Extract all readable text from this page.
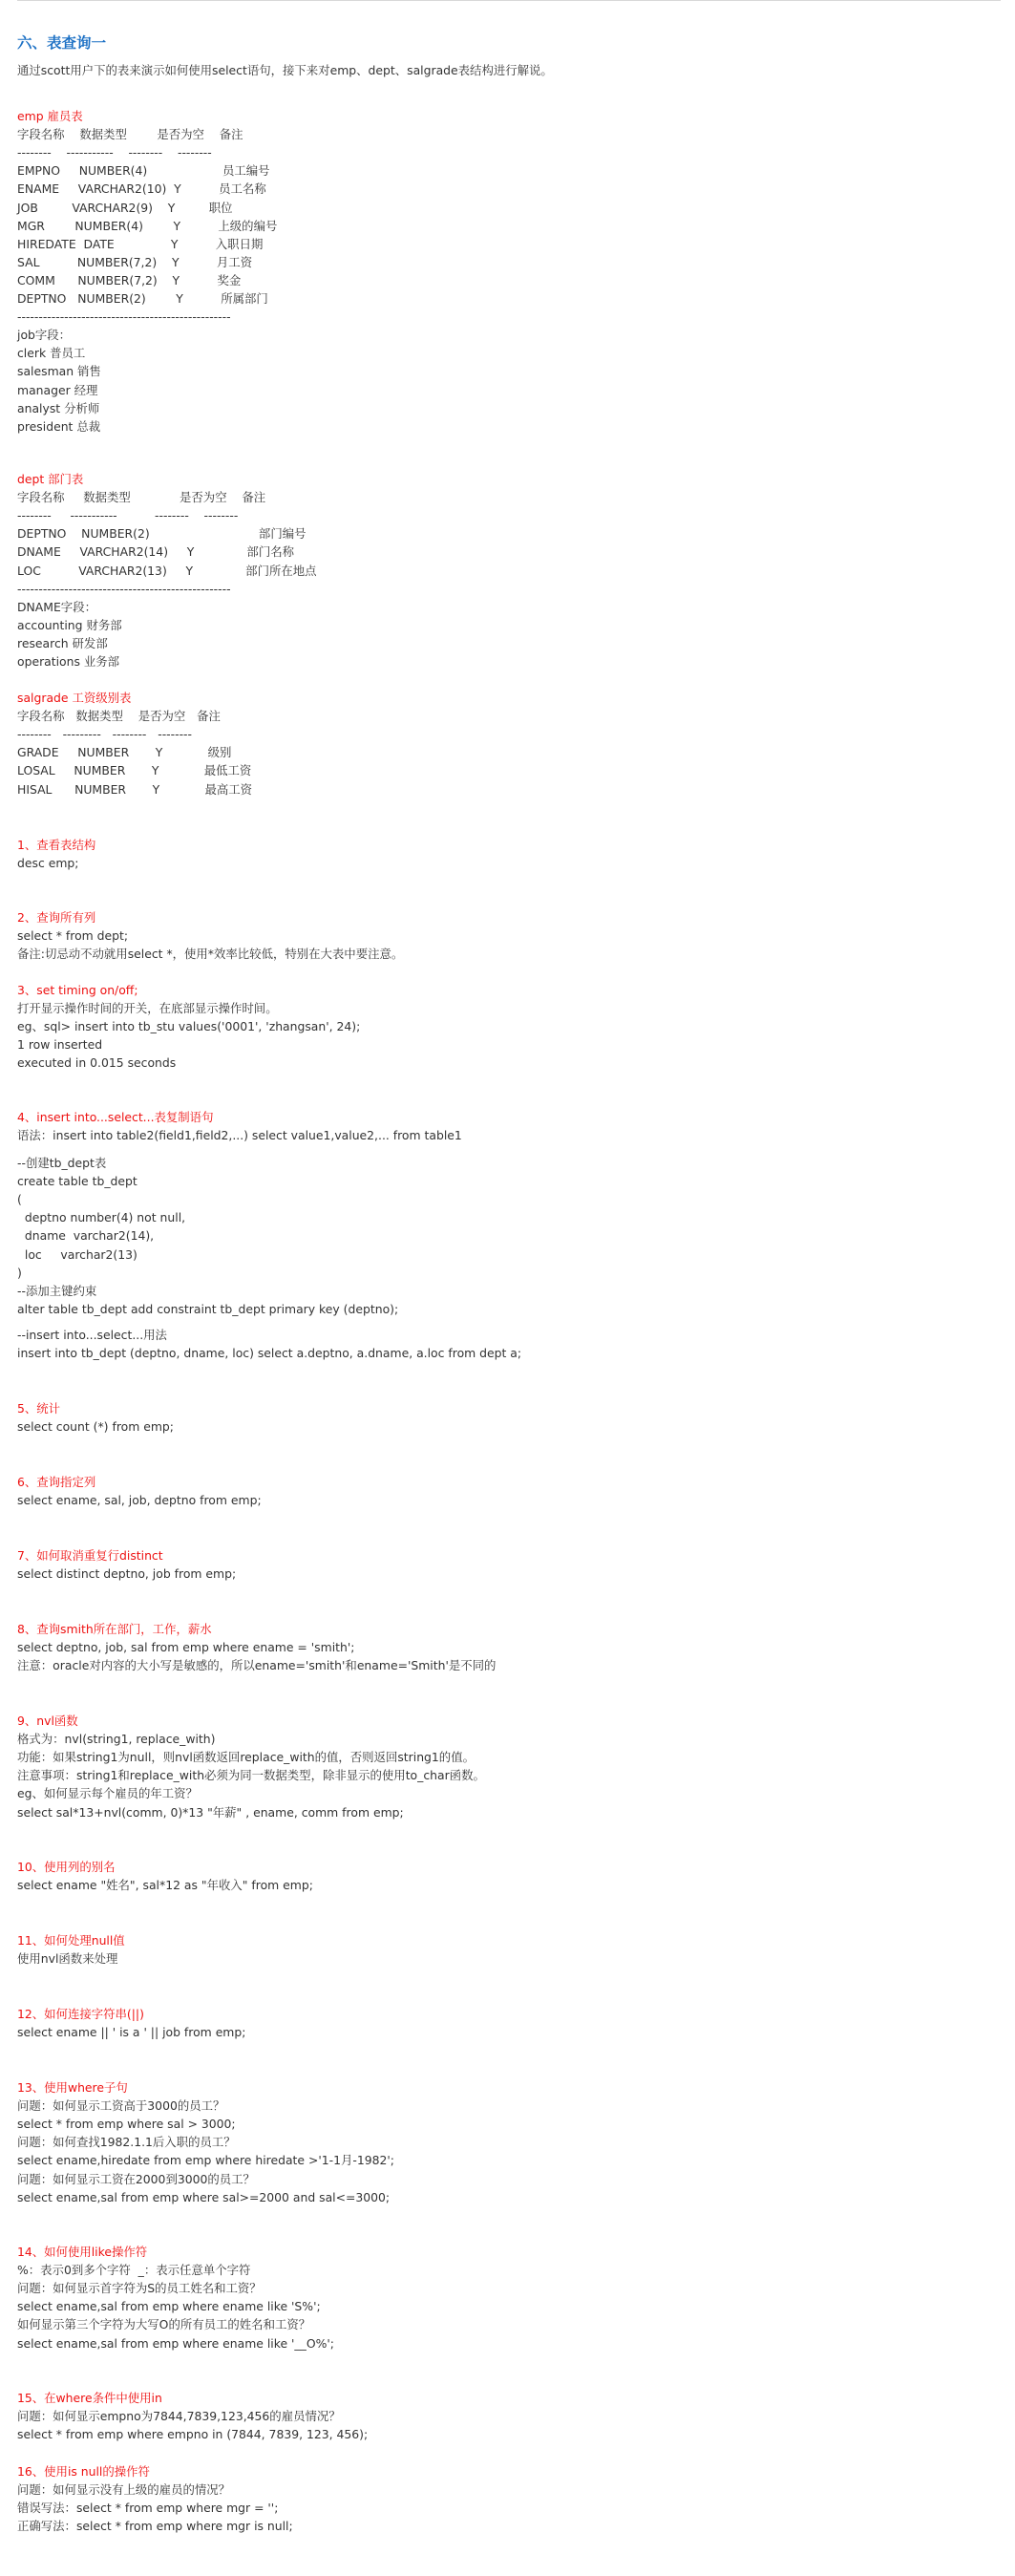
六、表查询一
通过scott用户下的表来演示如何使用select语句，接下来对emp、dept、salgrade表结构进行解说。
emp 雇员表
字段名称    数据类型        是否为空    备注
--------    -----------    --------    --------
EMPNO     NUMBER(4)                    员工编号
ENAME     VARCHAR2(10)  Y          员工名称
JOB         VARCHAR2(9)    Y         职位
MGR        NUMBER(4)        Y          上级的编号
HIREDATE  DATE               Y          入职日期
SAL          NUMBER(7,2)    Y          月工资
COMM      NUMBER(7,2)    Y          奖金
DEPTNO   NUMBER(2)        Y          所属部门
--------------------------------------------------
job字段：
clerk 普员工
salesman 销售
manager 经理
analyst 分析师
president 总裁
dept 部门表
字段名称     数据类型             是否为空    备注
--------     -----------          --------    --------
DEPTNO    NUMBER(2)                             部门编号
DNAME     VARCHAR2(14)     Y              部门名称
LOC          VARCHAR2(13)     Y              部门所在地点
--------------------------------------------------
DNAME字段：
accounting 财务部
research 研发部
operations 业务部
salgrade 工资级别表
字段名称   数据类型    是否为空   备注
--------   ---------   --------   --------
GRADE     NUMBER       Y            级别
LOSAL     NUMBER       Y            最低工资
HISAL      NUMBER       Y            最高工资
1、查看表结构
desc emp;
2、查询所有列
select * from dept;
备注:切忌动不动就用select *，使用*效率比较低，特别在大表中要注意。
3、set timing on/off;
打开显示操作时间的开关，在底部显示操作时间。
eg、sql> insert into tb_stu values('0001', 'zhangsan', 24);
1 row inserted
executed in 0.015 seconds
4、insert into...select...表复制语句
语法：insert into table2(field1,field2,...) select value1,value2,... from table1
--创建tb_dept表
create table tb_dept
(
deptno number(4) not null,
dname  varchar2(14),
loc     varchar2(13)
)
--添加主键约束
alter table tb_dept add constraint tb_dept primary key (deptno);
--insert into...select...用法
insert into tb_dept (deptno, dname, loc) select a.deptno, a.dname, a.loc from dept a;
5、统计
select count (*) from emp;
6、查询指定列
select ename, sal, job, deptno from emp;
7、如何取消重复行distinct
select distinct deptno, job from emp;
8、查询smith所在部门，工作，薪水
select deptno, job, sal from emp where ename = 'smith';
注意：oracle对内容的大小写是敏感的，所以ename='smith'和ename='Smith'是不同的
9、nvl函数
格式为：nvl(string1, replace_with)
功能：如果string1为null，则nvl函数返回replace_with的值，否则返回string1的值。
注意事项：string1和replace_with必须为同一数据类型，除非显示的使用to_char函数。
eg、如何显示每个雇员的年工资？
select sal*13+nvl(comm, 0)*13 "年薪" , ename, comm from emp;
10、使用列的别名
select ename "姓名", sal*12 as "年收入" from emp;
11、如何处理null值
使用nvl函数来处理
12、如何连接字符串(||)
select ename || ' is a ' || job from emp;
13、使用where子句
问题：如何显示工资高于3000的员工？
select * from emp where sal > 3000;
问题：如何查找1982.1.1后入职的员工？
select ename,hiredate from emp where hiredate >'1-1月-1982';
问题：如何显示工资在2000到3000的员工？
select ename,sal from emp where sal>=2000 and sal<=3000;
14、如何使用like操作符
%：表示0到多个字符  _：表示任意单个字符
问题：如何显示首字符为S的员工姓名和工资？
select ename,sal from emp where ename like 'S%';
如何显示第三个字符为大写O的所有员工的姓名和工资？
select ename,sal from emp where ename like '__O%';
15、在where条件中使用in
问题：如何显示empno为7844,7839,123,456的雇员情况？
select * from emp where empno in (7844, 7839, 123, 456);
16、使用is null的操作符
问题：如何显示没有上级的雇员的情况？
错误写法：select * from emp where mgr = '';
正确写法：select * from emp where mgr is null;
